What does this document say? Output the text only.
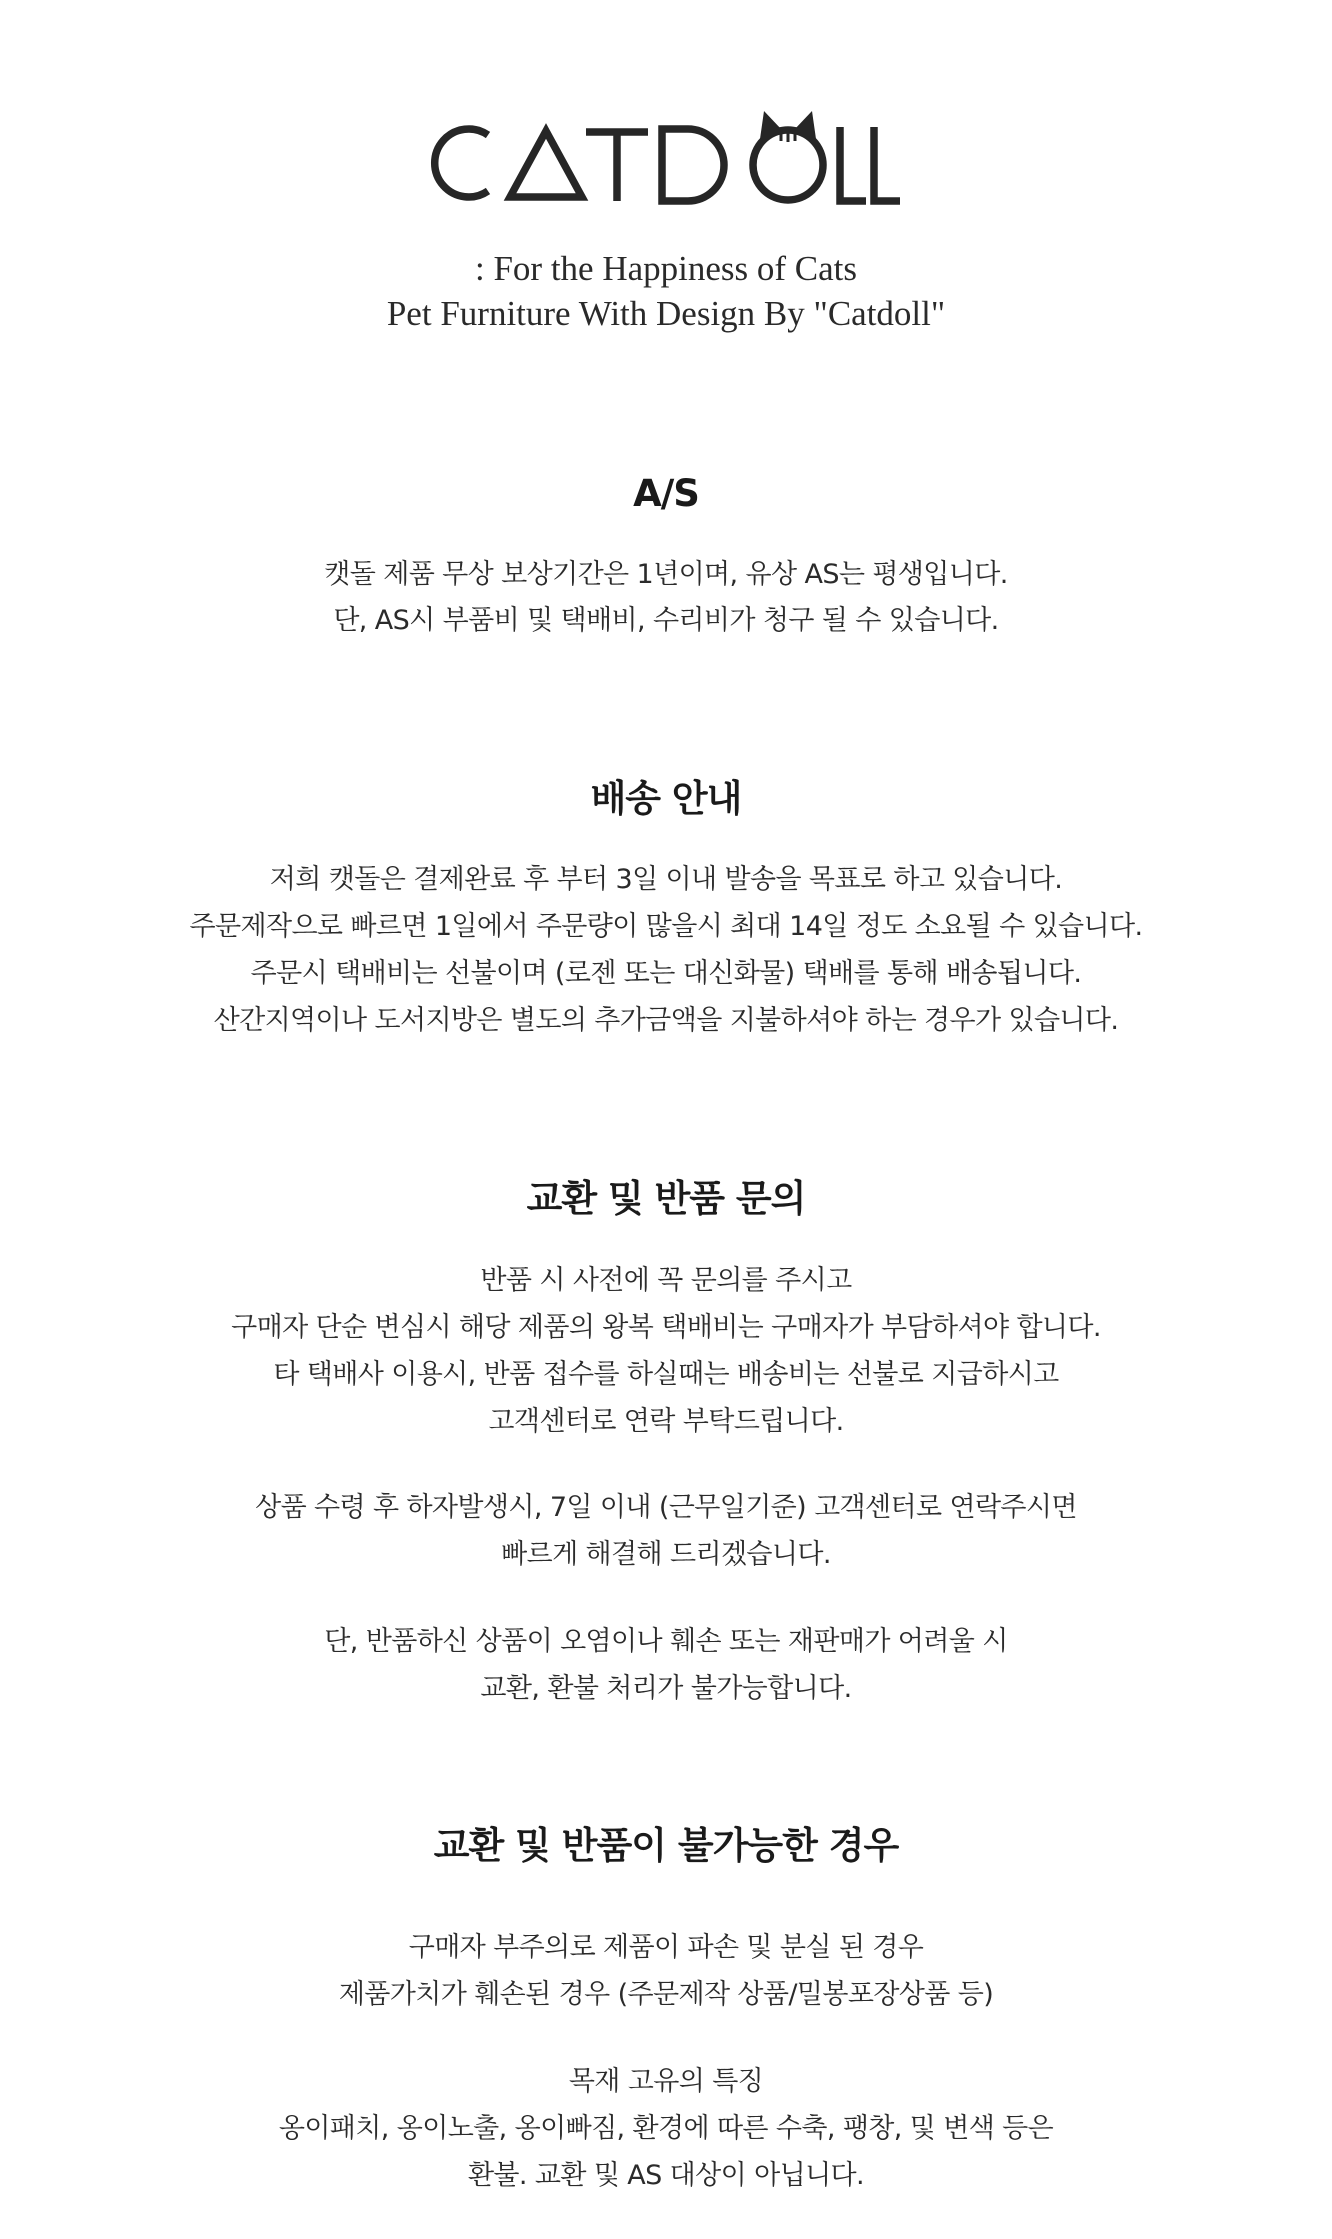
: For the Happiness of Cats
Pet Furniture With Design By "Catdoll"
A/S
캣돌 제품 무상 보상기간은 1년이며, 유상 AS는 평생입니다.
단, AS시 부품비 및 택배비, 수리비가 청구 될 수 있습니다.
배송 안내
저희 캣돌은 결제완료 후 부터 3일 이내 발송을 목표로 하고 있습니다.
주문제작으로 빠르면 1일에서 주문량이 많을시 최대 14일 정도 소요될 수 있습니다.
주문시 택배비는 선불이며 (로젠 또는 대신화물) 택배를 통해 배송됩니다.
산간지역이나 도서지방은 별도의 추가금액을 지불하셔야 하는 경우가 있습니다.
교환 및 반품 문의
반품 시 사전에 꼭 문의를 주시고
구매자 단순 변심시 해당 제품의 왕복 택배비는 구매자가 부담하셔야 합니다.
타 택배사 이용시, 반품 접수를 하실때는 배송비는 선불로 지급하시고
고객센터로 연락 부탁드립니다.
상품 수령 후 하자발생시, 7일 이내 (근무일기준) 고객센터로 연락주시면
빠르게 해결해 드리겠습니다.
단, 반품하신 상품이 오염이나 훼손 또는 재판매가 어려울 시
교환, 환불 처리가 불가능합니다.
교환 및 반품이 불가능한 경우
구매자 부주의로 제품이 파손 및 분실 된 경우
제품가치가 훼손된 경우 (주문제작 상품/밀봉포장상품 등)
목재 고유의 특징
옹이패치, 옹이노출, 옹이빠짐, 환경에 따른 수축, 팽창, 및 변색 등은
환불. 교환 및 AS 대상이 아닙니다.
